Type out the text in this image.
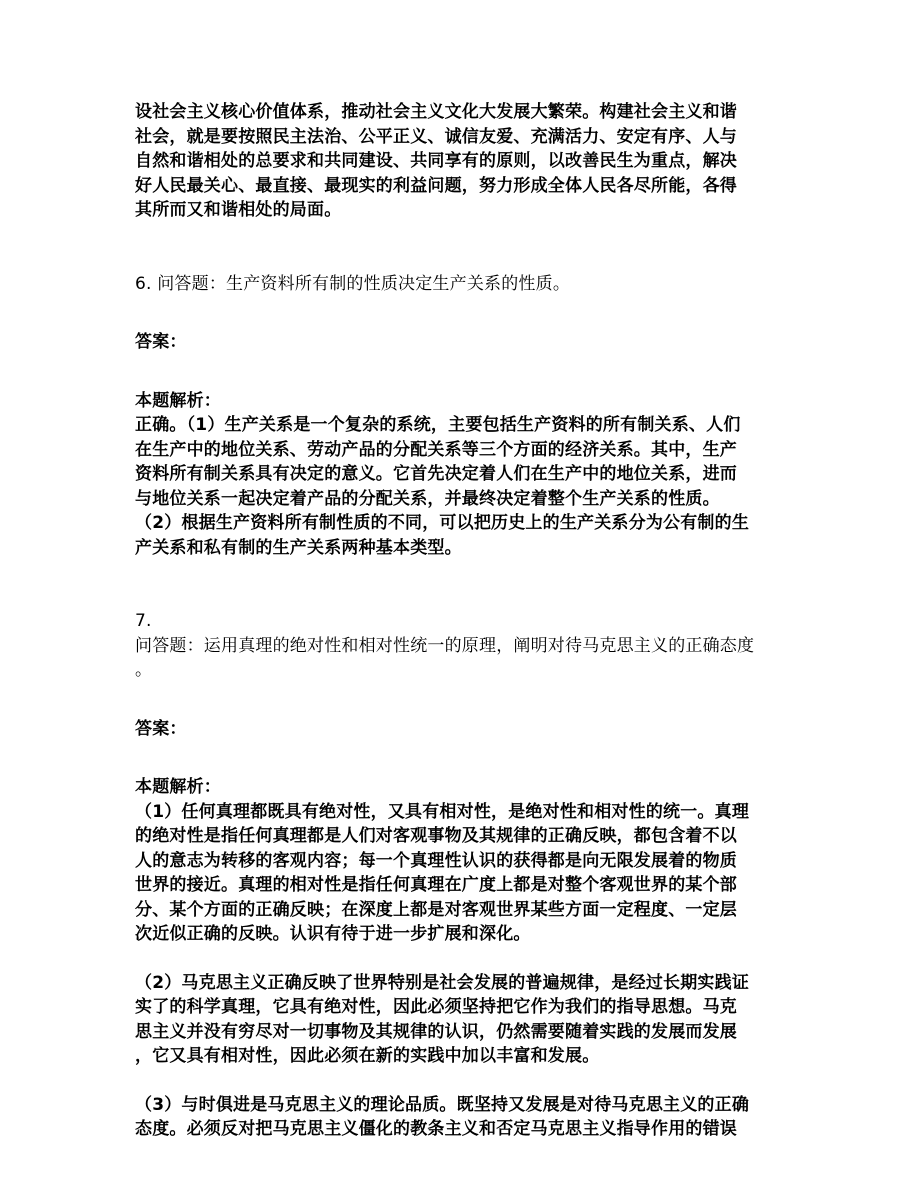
设社会主义核心价值体系，推动社会主义文化大发展大繁荣。构建社会主义和谐
社会，就是要按照民主法治、公平正义、诚信友爱、充满活力、安定有序、人与
自然和谐相处的总要求和共同建设、共同享有的原则，以改善民生为重点，解决
好人民最关心、最直接、最现实的利益问题，努力形成全体人民各尽所能，各得
其所而又和谐相处的局面。

6. 问答题：生产资料所有制的性质决定生产关系的性质。

答案：

本题解析：
正确。（1）生产关系是一个复杂的系统，主要包括生产资料的所有制关系、人们
在生产中的地位关系、劳动产品的分配关系等三个方面的经济关系。其中，生产
资料所有制关系具有决定的意义。它首先决定着人们在生产中的地位关系，进而
与地位关系一起决定着产品的分配关系，并最终决定着整个生产关系的性质。
（2）根据生产资料所有制性质的不同，可以把历史上的生产关系分为公有制的生
产关系和私有制的生产关系两种基本类型。

7.
问答题：运用真理的绝对性和相对性统一的原理，阐明对待马克思主义的正确态度
。

答案：

本题解析：
（1）任何真理都既具有绝对性，又具有相对性，是绝对性和相对性的统一。真理
的绝对性是指任何真理都是人们对客观事物及其规律的正确反映，都包含着不以
人的意志为转移的客观内容；每一个真理性认识的获得都是向无限发展着的物质
世界的接近。真理的相对性是指任何真理在广度上都是对整个客观世界的某个部
分、某个方面的正确反映；在深度上都是对客观世界某些方面一定程度、一定层
次近似正确的反映。认识有待于进一步扩展和深化。

（2）马克思主义正确反映了世界特别是社会发展的普遍规律，是经过长期实践证
实了的科学真理，它具有绝对性，因此必须坚持把它作为我们的指导思想。马克
思主义并没有穷尽对一切事物及其规律的认识，仍然需要随着实践的发展而发展
，它又具有相对性，因此必须在新的实践中加以丰富和发展。

（3）与时俱进是马克思主义的理论品质。既坚持又发展是对待马克思主义的正确
态度。必须反对把马克思主义僵化的教条主义和否定马克思主义指导作用的错误
